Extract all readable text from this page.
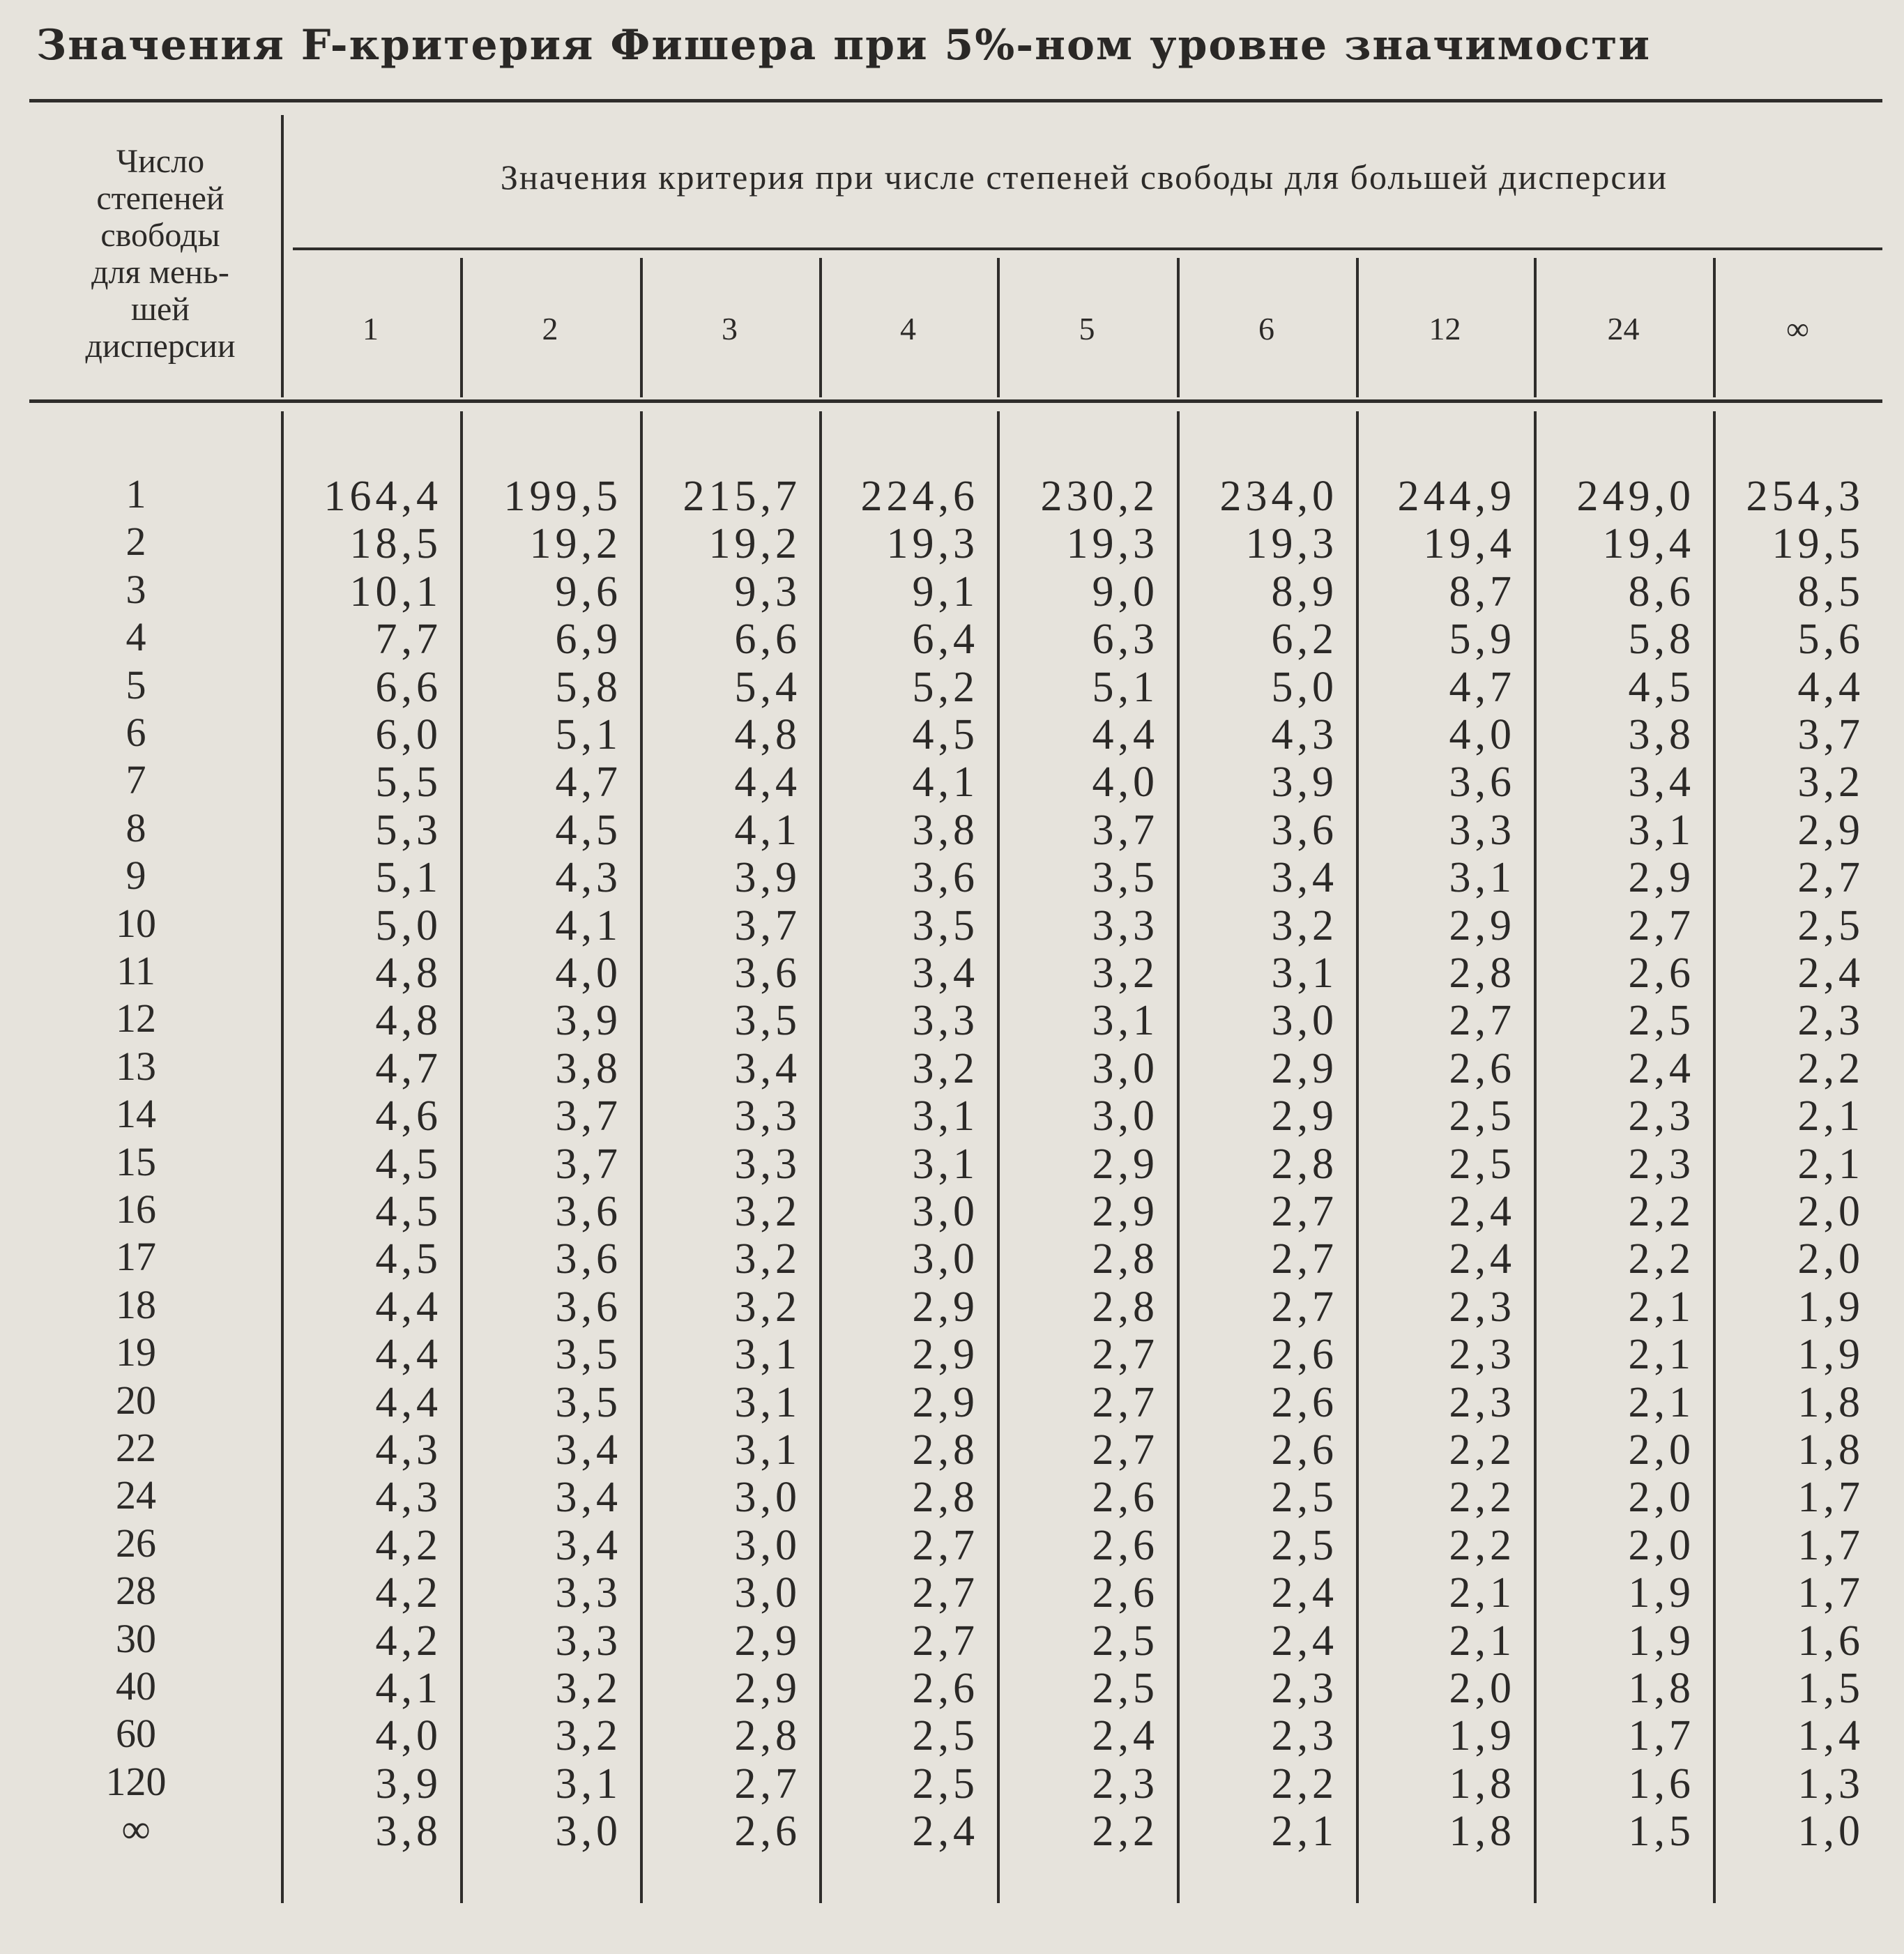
Значения F-критерия Фишера при 5%-ном уровне значимости
Число
степеней
свободы
для мень-
шей
дисперсии
Значения критерия при числе степеней свободы для большей дисперсии
1	2	3	4	5	6	12	24	∞
1	164,4	199,5	215,7	224,6	230,2	234,0	244,9	249,0	254,3
2	18,5	19,2	19,2	19,3	19,3	19,3	19,4	19,4	19,5
3	10,1	9,6	9,3	9,1	9,0	8,9	8,7	8,6	8,5
4	7,7	6,9	6,6	6,4	6,3	6,2	5,9	5,8	5,6
5	6,6	5,8	5,4	5,2	5,1	5,0	4,7	4,5	4,4
6	6,0	5,1	4,8	4,5	4,4	4,3	4,0	3,8	3,7
7	5,5	4,7	4,4	4,1	4,0	3,9	3,6	3,4	3,2
8	5,3	4,5	4,1	3,8	3,7	3,6	3,3	3,1	2,9
9	5,1	4,3	3,9	3,6	3,5	3,4	3,1	2,9	2,7
10	5,0	4,1	3,7	3,5	3,3	3,2	2,9	2,7	2,5
11	4,8	4,0	3,6	3,4	3,2	3,1	2,8	2,6	2,4
12	4,8	3,9	3,5	3,3	3,1	3,0	2,7	2,5	2,3
13	4,7	3,8	3,4	3,2	3,0	2,9	2,6	2,4	2,2
14	4,6	3,7	3,3	3,1	3,0	2,9	2,5	2,3	2,1
15	4,5	3,7	3,3	3,1	2,9	2,8	2,5	2,3	2,1
16	4,5	3,6	3,2	3,0	2,9	2,7	2,4	2,2	2,0
17	4,5	3,6	3,2	3,0	2,8	2,7	2,4	2,2	2,0
18	4,4	3,6	3,2	2,9	2,8	2,7	2,3	2,1	1,9
19	4,4	3,5	3,1	2,9	2,7	2,6	2,3	2,1	1,9
20	4,4	3,5	3,1	2,9	2,7	2,6	2,3	2,1	1,8
22	4,3	3,4	3,1	2,8	2,7	2,6	2,2	2,0	1,8
24	4,3	3,4	3,0	2,8	2,6	2,5	2,2	2,0	1,7
26	4,2	3,4	3,0	2,7	2,6	2,5	2,2	2,0	1,7
28	4,2	3,3	3,0	2,7	2,6	2,4	2,1	1,9	1,7
30	4,2	3,3	2,9	2,7	2,5	2,4	2,1	1,9	1,6
40	4,1	3,2	2,9	2,6	2,5	2,3	2,0	1,8	1,5
60	4,0	3,2	2,8	2,5	2,4	2,3	1,9	1,7	1,4
120	3,9	3,1	2,7	2,5	2,3	2,2	1,8	1,6	1,3
∞	3,8	3,0	2,6	2,4	2,2	2,1	1,8	1,5	1,0
